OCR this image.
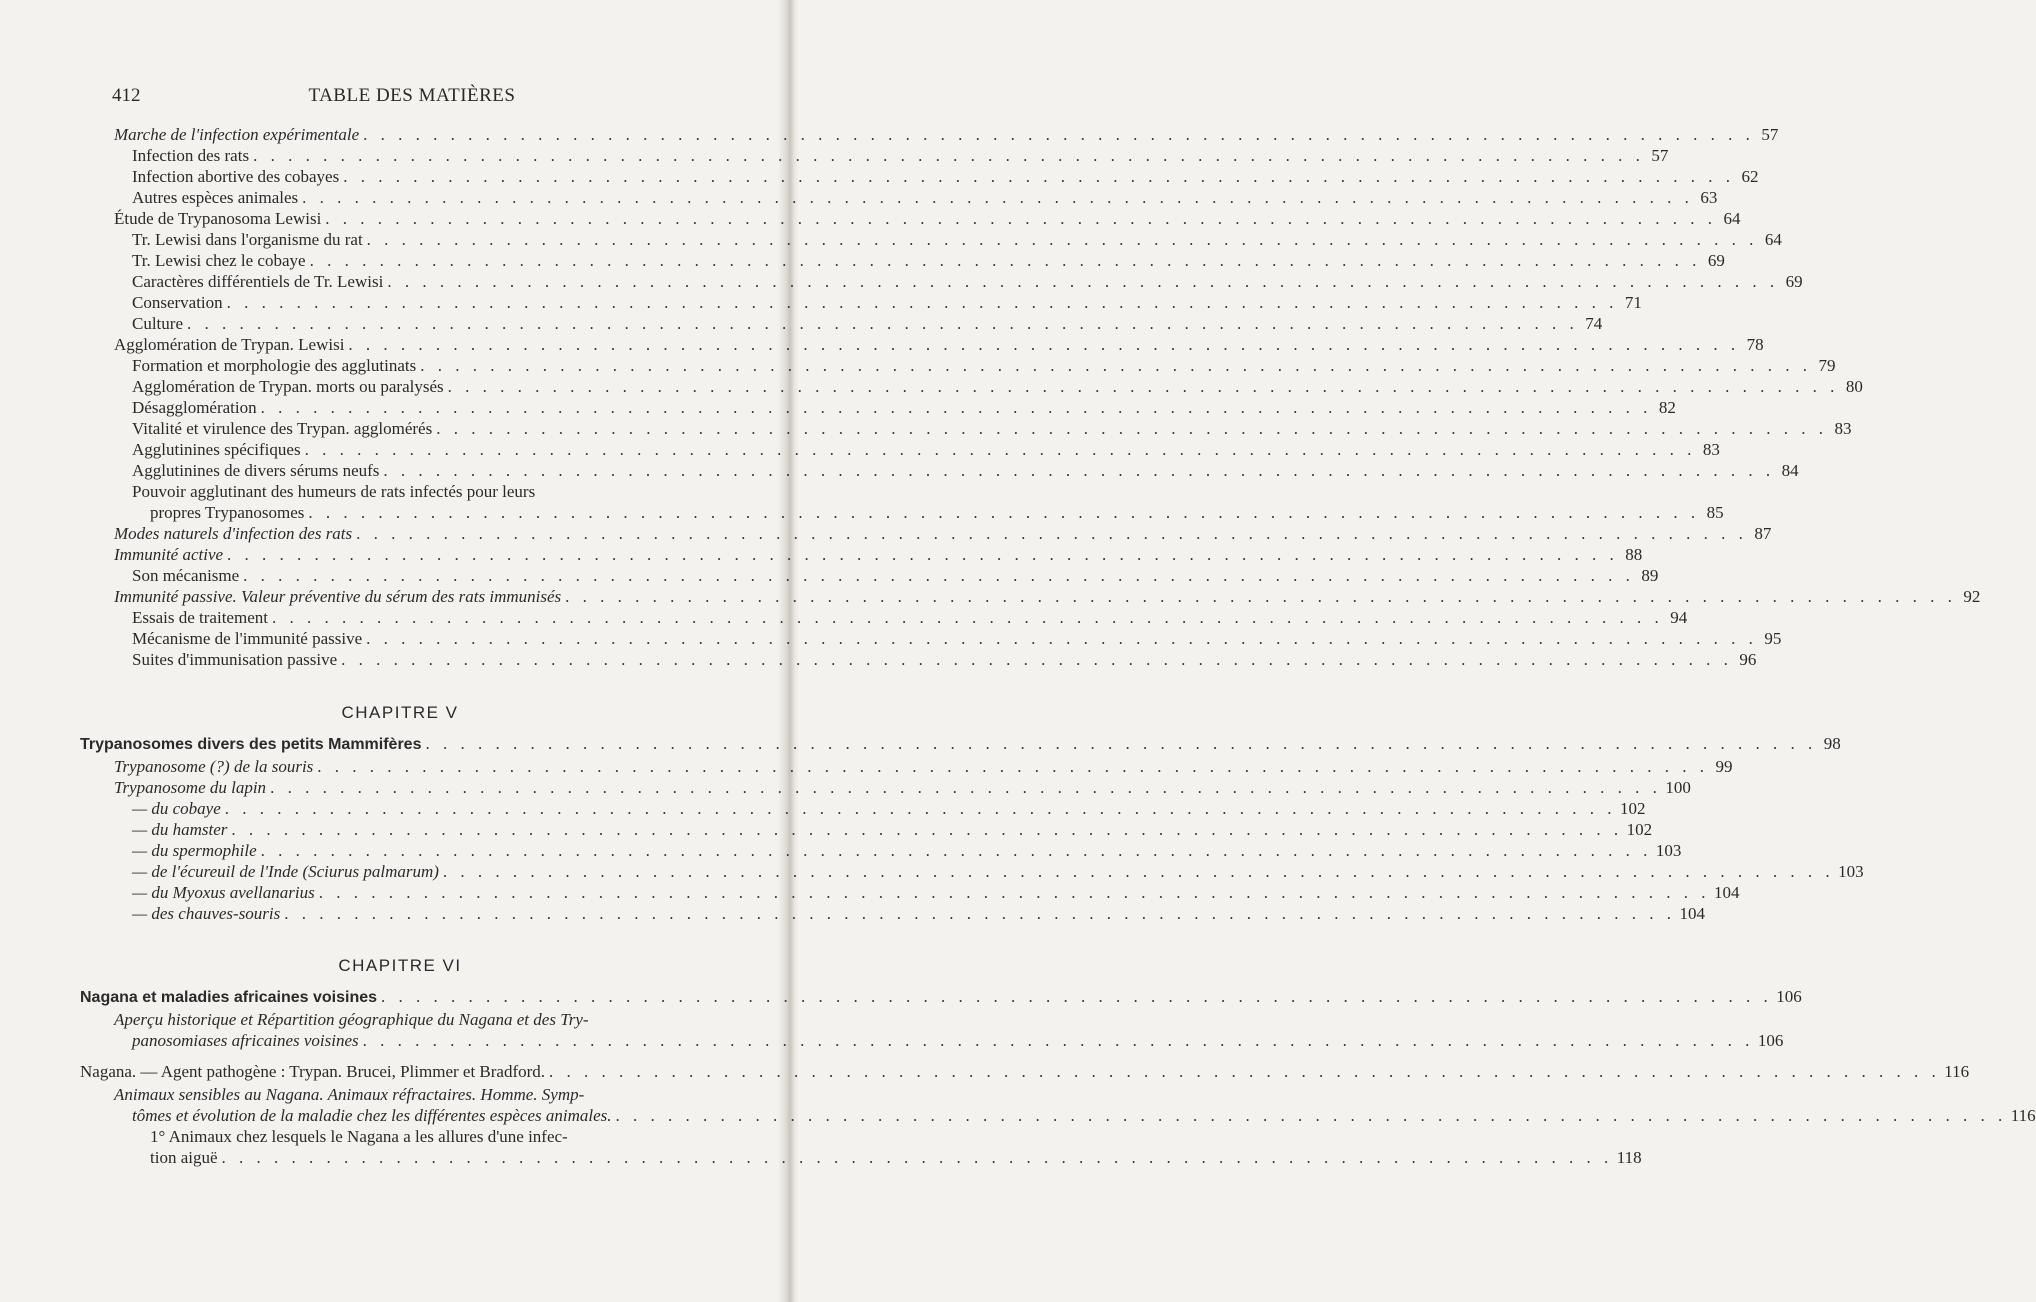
412	TABLE DES MATIÈRES
Marche de l'infection expérimentale . . . . . . . . . . . . . . . . . . . . . . . . . . . . . . . . . . . . . . . . . . . . . . . . . . . . . . . . . . . . . . . . . . . . . . . . . . . . . . . . 57
Infection des rats . . . . . . . . . . . . . . . . . . . . . . . . . . . . . . . . . . . . . . . . . . . . . . . . . . . . . . . . . . . . . . . . . . . . . . . . . . . . . . . . 57
Infection abortive des cobayes . . . . . . . . . . . . . . . . . . . . . . . . . . . . . . . . . . . . . . . . . . . . . . . . . . . . . . . . . . . . . . . . . . . . . . . . . . . . . . . . 62
Autres espèces animales . . . . . . . . . . . . . . . . . . . . . . . . . . . . . . . . . . . . . . . . . . . . . . . . . . . . . . . . . . . . . . . . . . . . . . . . . . . . . . . . 63
Étude de Trypanosoma Lewisi . . . . . . . . . . . . . . . . . . . . . . . . . . . . . . . . . . . . . . . . . . . . . . . . . . . . . . . . . . . . . . . . . . . . . . . . . . . . . . . . 64
Tr. Lewisi dans l'organisme du rat . . . . . . . . . . . . . . . . . . . . . . . . . . . . . . . . . . . . . . . . . . . . . . . . . . . . . . . . . . . . . . . . . . . . . . . . . . . . . . . . 64
Tr. Lewisi chez le cobaye . . . . . . . . . . . . . . . . . . . . . . . . . . . . . . . . . . . . . . . . . . . . . . . . . . . . . . . . . . . . . . . . . . . . . . . . . . . . . . . . 69
Caractères différentiels de Tr. Lewisi . . . . . . . . . . . . . . . . . . . . . . . . . . . . . . . . . . . . . . . . . . . . . . . . . . . . . . . . . . . . . . . . . . . . . . . . . . . . . . . . 69
Conservation . . . . . . . . . . . . . . . . . . . . . . . . . . . . . . . . . . . . . . . . . . . . . . . . . . . . . . . . . . . . . . . . . . . . . . . . . . . . . . . . 71
Culture . . . . . . . . . . . . . . . . . . . . . . . . . . . . . . . . . . . . . . . . . . . . . . . . . . . . . . . . . . . . . . . . . . . . . . . . . . . . . . . . 74
Agglomération de Trypan. Lewisi . . . . . . . . . . . . . . . . . . . . . . . . . . . . . . . . . . . . . . . . . . . . . . . . . . . . . . . . . . . . . . . . . . . . . . . . . . . . . . . . 78
Formation et morphologie des agglutinats . . . . . . . . . . . . . . . . . . . . . . . . . . . . . . . . . . . . . . . . . . . . . . . . . . . . . . . . . . . . . . . . . . . . . . . . . . . . . . . . 79
Agglomération de Trypan. morts ou paralysés . . . . . . . . . . . . . . . . . . . . . . . . . . . . . . . . . . . . . . . . . . . . . . . . . . . . . . . . . . . . . . . . . . . . . . . . . . . . . . . . 80
Désagglomération . . . . . . . . . . . . . . . . . . . . . . . . . . . . . . . . . . . . . . . . . . . . . . . . . . . . . . . . . . . . . . . . . . . . . . . . . . . . . . . . 82
Vitalité et virulence des Trypan. agglomérés . . . . . . . . . . . . . . . . . . . . . . . . . . . . . . . . . . . . . . . . . . . . . . . . . . . . . . . . . . . . . . . . . . . . . . . . . . . . . . . . 83
Agglutinines spécifiques . . . . . . . . . . . . . . . . . . . . . . . . . . . . . . . . . . . . . . . . . . . . . . . . . . . . . . . . . . . . . . . . . . . . . . . . . . . . . . . . 83
Agglutinines de divers sérums neufs . . . . . . . . . . . . . . . . . . . . . . . . . . . . . . . . . . . . . . . . . . . . . . . . . . . . . . . . . . . . . . . . . . . . . . . . . . . . . . . . 84
propres Trypanosomes . . . . . . . . . . . . . . . . . . . . . . . . . . . . . . . . . . . . . . . . . . . . . . . . . . . . . . . . . . . . . . . . . . . . . . . . . . . . . . . . 85
Modes naturels d'infection des rats . . . . . . . . . . . . . . . . . . . . . . . . . . . . . . . . . . . . . . . . . . . . . . . . . . . . . . . . . . . . . . . . . . . . . . . . . . . . . . . . 87
Immunité active . . . . . . . . . . . . . . . . . . . . . . . . . . . . . . . . . . . . . . . . . . . . . . . . . . . . . . . . . . . . . . . . . . . . . . . . . . . . . . . . 88
Son mécanisme . . . . . . . . . . . . . . . . . . . . . . . . . . . . . . . . . . . . . . . . . . . . . . . . . . . . . . . . . . . . . . . . . . . . . . . . . . . . . . . . 89
Immunité passive. Valeur préventive du sérum des rats immunisés . . . . . . . . . . . . . . . . . . . . . . . . . . . . . . . . . . . . . . . . . . . . . . . . . . . . . . . . . . . . . . . . . . . . . . . . . . . . . . . . 92
Essais de traitement . . . . . . . . . . . . . . . . . . . . . . . . . . . . . . . . . . . . . . . . . . . . . . . . . . . . . . . . . . . . . . . . . . . . . . . . . . . . . . . . 94
Mécanisme de l'immunité passive . . . . . . . . . . . . . . . . . . . . . . . . . . . . . . . . . . . . . . . . . . . . . . . . . . . . . . . . . . . . . . . . . . . . . . . . . . . . . . . . 95
Suites d'immunisation passive . . . . . . . . . . . . . . . . . . . . . . . . . . . . . . . . . . . . . . . . . . . . . . . . . . . . . . . . . . . . . . . . . . . . . . . . . . . . . . . . 96
Trypanosomes divers des petits Mammifères . . . . . . . . . . . . . . . . . . . . . . . . . . . . . . . . . . . . . . . . . . . . . . . . . . . . . . . . . . . . . . . . . . . . . . . . . . . . . . . . 98
Trypanosome (?) de la souris . . . . . . . . . . . . . . . . . . . . . . . . . . . . . . . . . . . . . . . . . . . . . . . . . . . . . . . . . . . . . . . . . . . . . . . . . . . . . . . . 99
Trypanosome du lapin . . . . . . . . . . . . . . . . . . . . . . . . . . . . . . . . . . . . . . . . . . . . . . . . . . . . . . . . . . . . . . . . . . . . . . . . . . . . . . . . 100
— du cobaye . . . . . . . . . . . . . . . . . . . . . . . . . . . . . . . . . . . . . . . . . . . . . . . . . . . . . . . . . . . . . . . . . . . . . . . . . . . . . . . . 102
— du hamster . . . . . . . . . . . . . . . . . . . . . . . . . . . . . . . . . . . . . . . . . . . . . . . . . . . . . . . . . . . . . . . . . . . . . . . . . . . . . . . . 102
— du spermophile . . . . . . . . . . . . . . . . . . . . . . . . . . . . . . . . . . . . . . . . . . . . . . . . . . . . . . . . . . . . . . . . . . . . . . . . . . . . . . . . 103
— de l'écureuil de l'Inde (Sciurus palmarum) . . . . . . . . . . . . . . . . . . . . . . . . . . . . . . . . . . . . . . . . . . . . . . . . . . . . . . . . . . . . . . . . . . . . . . . . . . . . . . . . 103
— du Myoxus avellanarius . . . . . . . . . . . . . . . . . . . . . . . . . . . . . . . . . . . . . . . . . . . . . . . . . . . . . . . . . . . . . . . . . . . . . . . . . . . . . . . . 104
— des chauves-souris . . . . . . . . . . . . . . . . . . . . . . . . . . . . . . . . . . . . . . . . . . . . . . . . . . . . . . . . . . . . . . . . . . . . . . . . . . . . . . . . 104
Nagana et maladies africaines voisines . . . . . . . . . . . . . . . . . . . . . . . . . . . . . . . . . . . . . . . . . . . . . . . . . . . . . . . . . . . . . . . . . . . . . . . . . . . . . . . . 106
panosomiases africaines voisines . . . . . . . . . . . . . . . . . . . . . . . . . . . . . . . . . . . . . . . . . . . . . . . . . . . . . . . . . . . . . . . . . . . . . . . . . . . . . . . . 106
Nagana. — Agent pathogène : Trypan. Brucei, Plimmer et Bradford. . . . . . . . . . . . . . . . . . . . . . . . . . . . . . . . . . . . . . . . . . . . . . . . . . . . . . . . . . . . . . . . . . . . . . . . . . . . . . . . . 116
tômes et évolution de la maladie chez les différentes espèces animales. . . . . . . . . . . . . . . . . . . . . . . . . . . . . . . . . . . . . . . . . . . . . . . . . . . . . . . . . . . . . . . . . . . . . . . . . . . . . . . . . 116
tion aiguë . . . . . . . . . . . . . . . . . . . . . . . . . . . . . . . . . . . . . . . . . . . . . . . . . . . . . . . . . . . . . . . . . . . . . . . . . . . . . . . . 118
Pouvoir agglutinant des humeurs de rats infectés pour leurs
Aperçu historique et Répartition géographique du Nagana et des Try-
Animaux sensibles au Nagana. Animaux réfractaires. Homme. Symp-
1° Animaux chez lesquels le Nagana a les allures d'une infec-
CHAPITRE V
CHAPITRE VI
